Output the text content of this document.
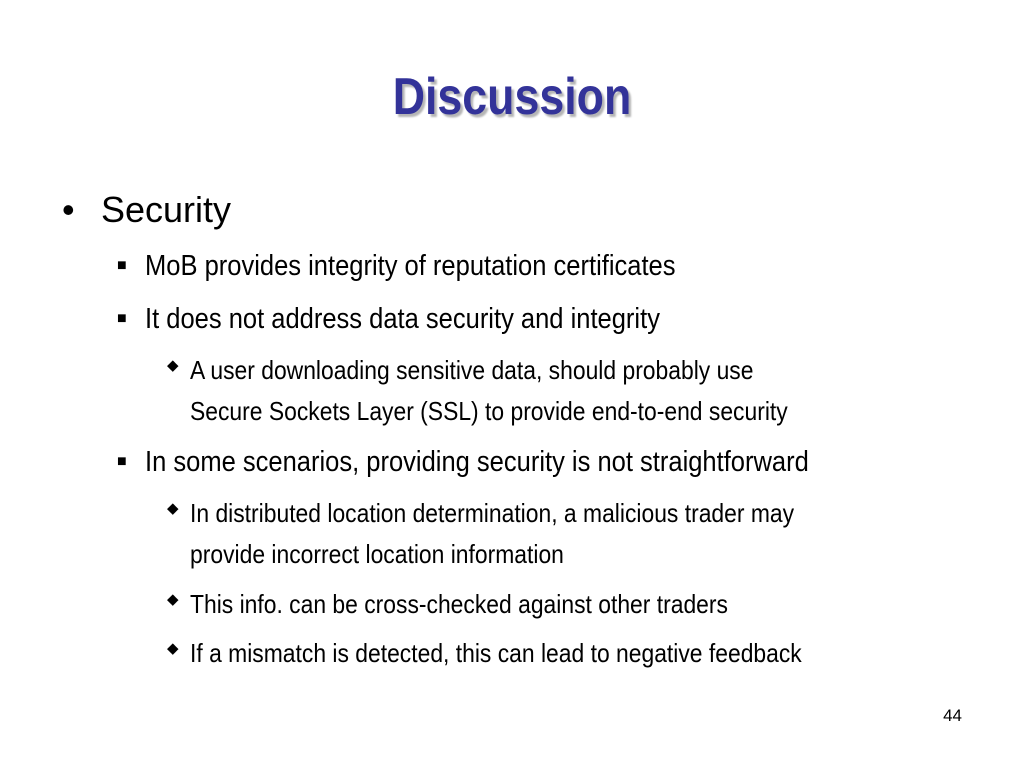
Discussion
• Security
■ MoB provides integrity of reputation certificates
■ It does not address data security and integrity
◆ A user downloading sensitive data, should probably use
Secure Sockets Layer (SSL) to provide end-to-end security
■ In some scenarios, providing security is not straightforward
◆ In distributed location determination, a malicious trader may
provide incorrect location information
◆ This info. can be cross-checked against other traders
◆ If a mismatch is detected, this can lead to negative feedback
44
